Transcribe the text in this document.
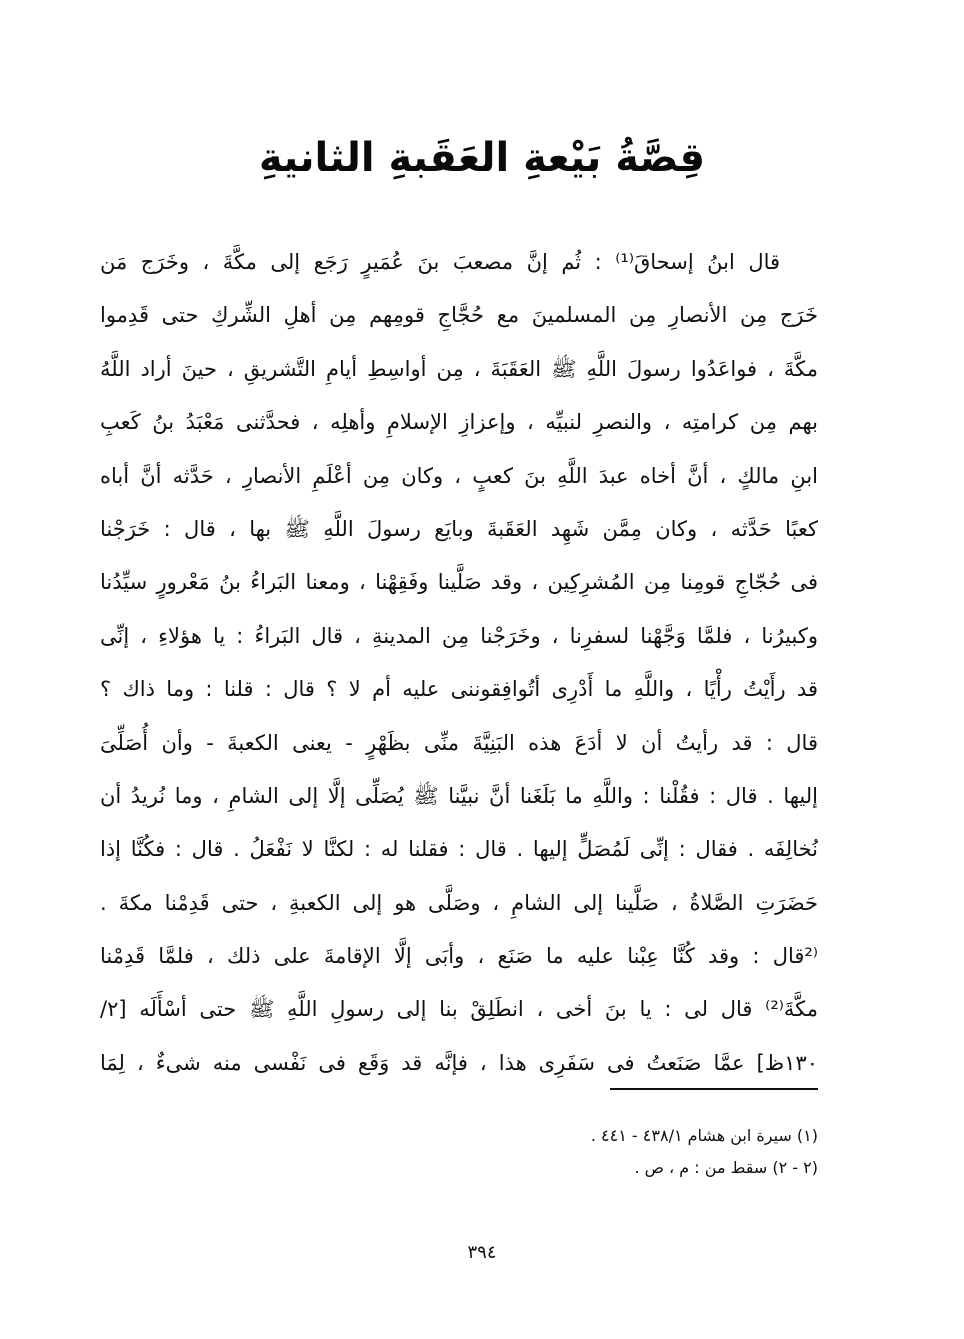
قِصَّةُ بَيْعةِ العَقَبةِ الثانيةِ
قال ابنُ إسحاقَ⁽¹⁾ : ثُم إنَّ مصعبَ بنَ عُمَيرٍ رَجَع إلى مكَّةَ ، وخَرَج مَن
خَرَج مِن الأنصارِ مِن المسلمينَ مع حُجَّاجِ قومِهم مِن أهلِ الشِّركِ حتى قَدِموا
مكَّةَ ، فواعَدُوا رسولَ اللَّهِ ﷺ العَقَبَةَ ، مِن أواسِطِ أيامِ التَّشريقِ ، حينَ أراد اللَّهُ
بهم مِن كرامتِه ، والنصرِ لنبيِّه ، وإعزازِ الإسلامِ وأهلِه ، فحدَّثنى مَعْبَدُ بنُ كَعبِ
ابنِ مالكٍ ، أنَّ أخاه عبدَ اللَّهِ بنَ كعبٍ ، وكان مِن أعْلَمِ الأنصارِ ، حَدَّثه أنَّ أباه
كعبًا حَدَّثه ، وكان مِمَّن شَهِد العَقَبةَ وبايَع رسولَ اللَّهِ ﷺ بها ، قال : خَرَجْنا
فى حُجّاجِ قومِنا مِن المُشرِكِين ، وقد صَلَّينا وفَقِهْنا ، ومعنا البَراءُ بنُ مَعْرورٍ سيِّدُنا
وكبيرُنا ، فلمَّا وَجَّهْنا لسفرِنا ، وخَرَجْنا مِن المدينةِ ، قال البَراءُ : يا هؤلاءِ ، إنِّى
قد رأَيْتُ رأْيًا ، واللَّهِ ما أَدْرِى أتُوافِقوننى عليه أم لا ؟ قال : قلنا : وما ذاك ؟
قال : قد رأيتُ أن لا أدَعَ هذه البَنِيَّةَ منِّى بظَهْرٍ - يعنى الكعبةَ - وأن أُصَلِّىَ
إليها . قال : فقُلْنا : واللَّهِ ما بَلَغَنا أنَّ نبيَّنا ﷺ يُصَلِّى إلَّا إلى الشامِ ، وما نُريدُ أن
نُخالِفَه . فقال : إنِّى لَمُصَلٍّ إليها . قال : فقلنا له : لكنَّا لا نَفْعَلُ . قال : فكُنَّا إذا
حَضَرَتِ الصَّلاةُ ، صَلَّينا إلى الشامِ ، وصَلَّى هو إلى الكعبةِ ، حتى قَدِمْنا مكةَ .
⁽²قال : وقد كُنَّا عِبْنا عليه ما صَنَع ، وأبَى إلَّا الإقامةَ على ذلك ، فلمَّا قَدِمْنا
مكَّةَ⁽²⁾ قال لى : يا بنَ أخى ، انطَلِقْ بنا إلى رسولِ اللَّهِ ﷺ حتى أسْأَلَه [٢/
١٣٠ظ] عمَّا صَنَعتُ فى سَفَرِى هذا ، فإنَّه قد وَقَع فى نَفْسى منه شىءٌ ، لِمَا
(١) سيرة ابن هشام ٤٣٨/١ - ٤٤١ .
(٢ - ٢) سقط من : م ، ص .
٣٩٤
